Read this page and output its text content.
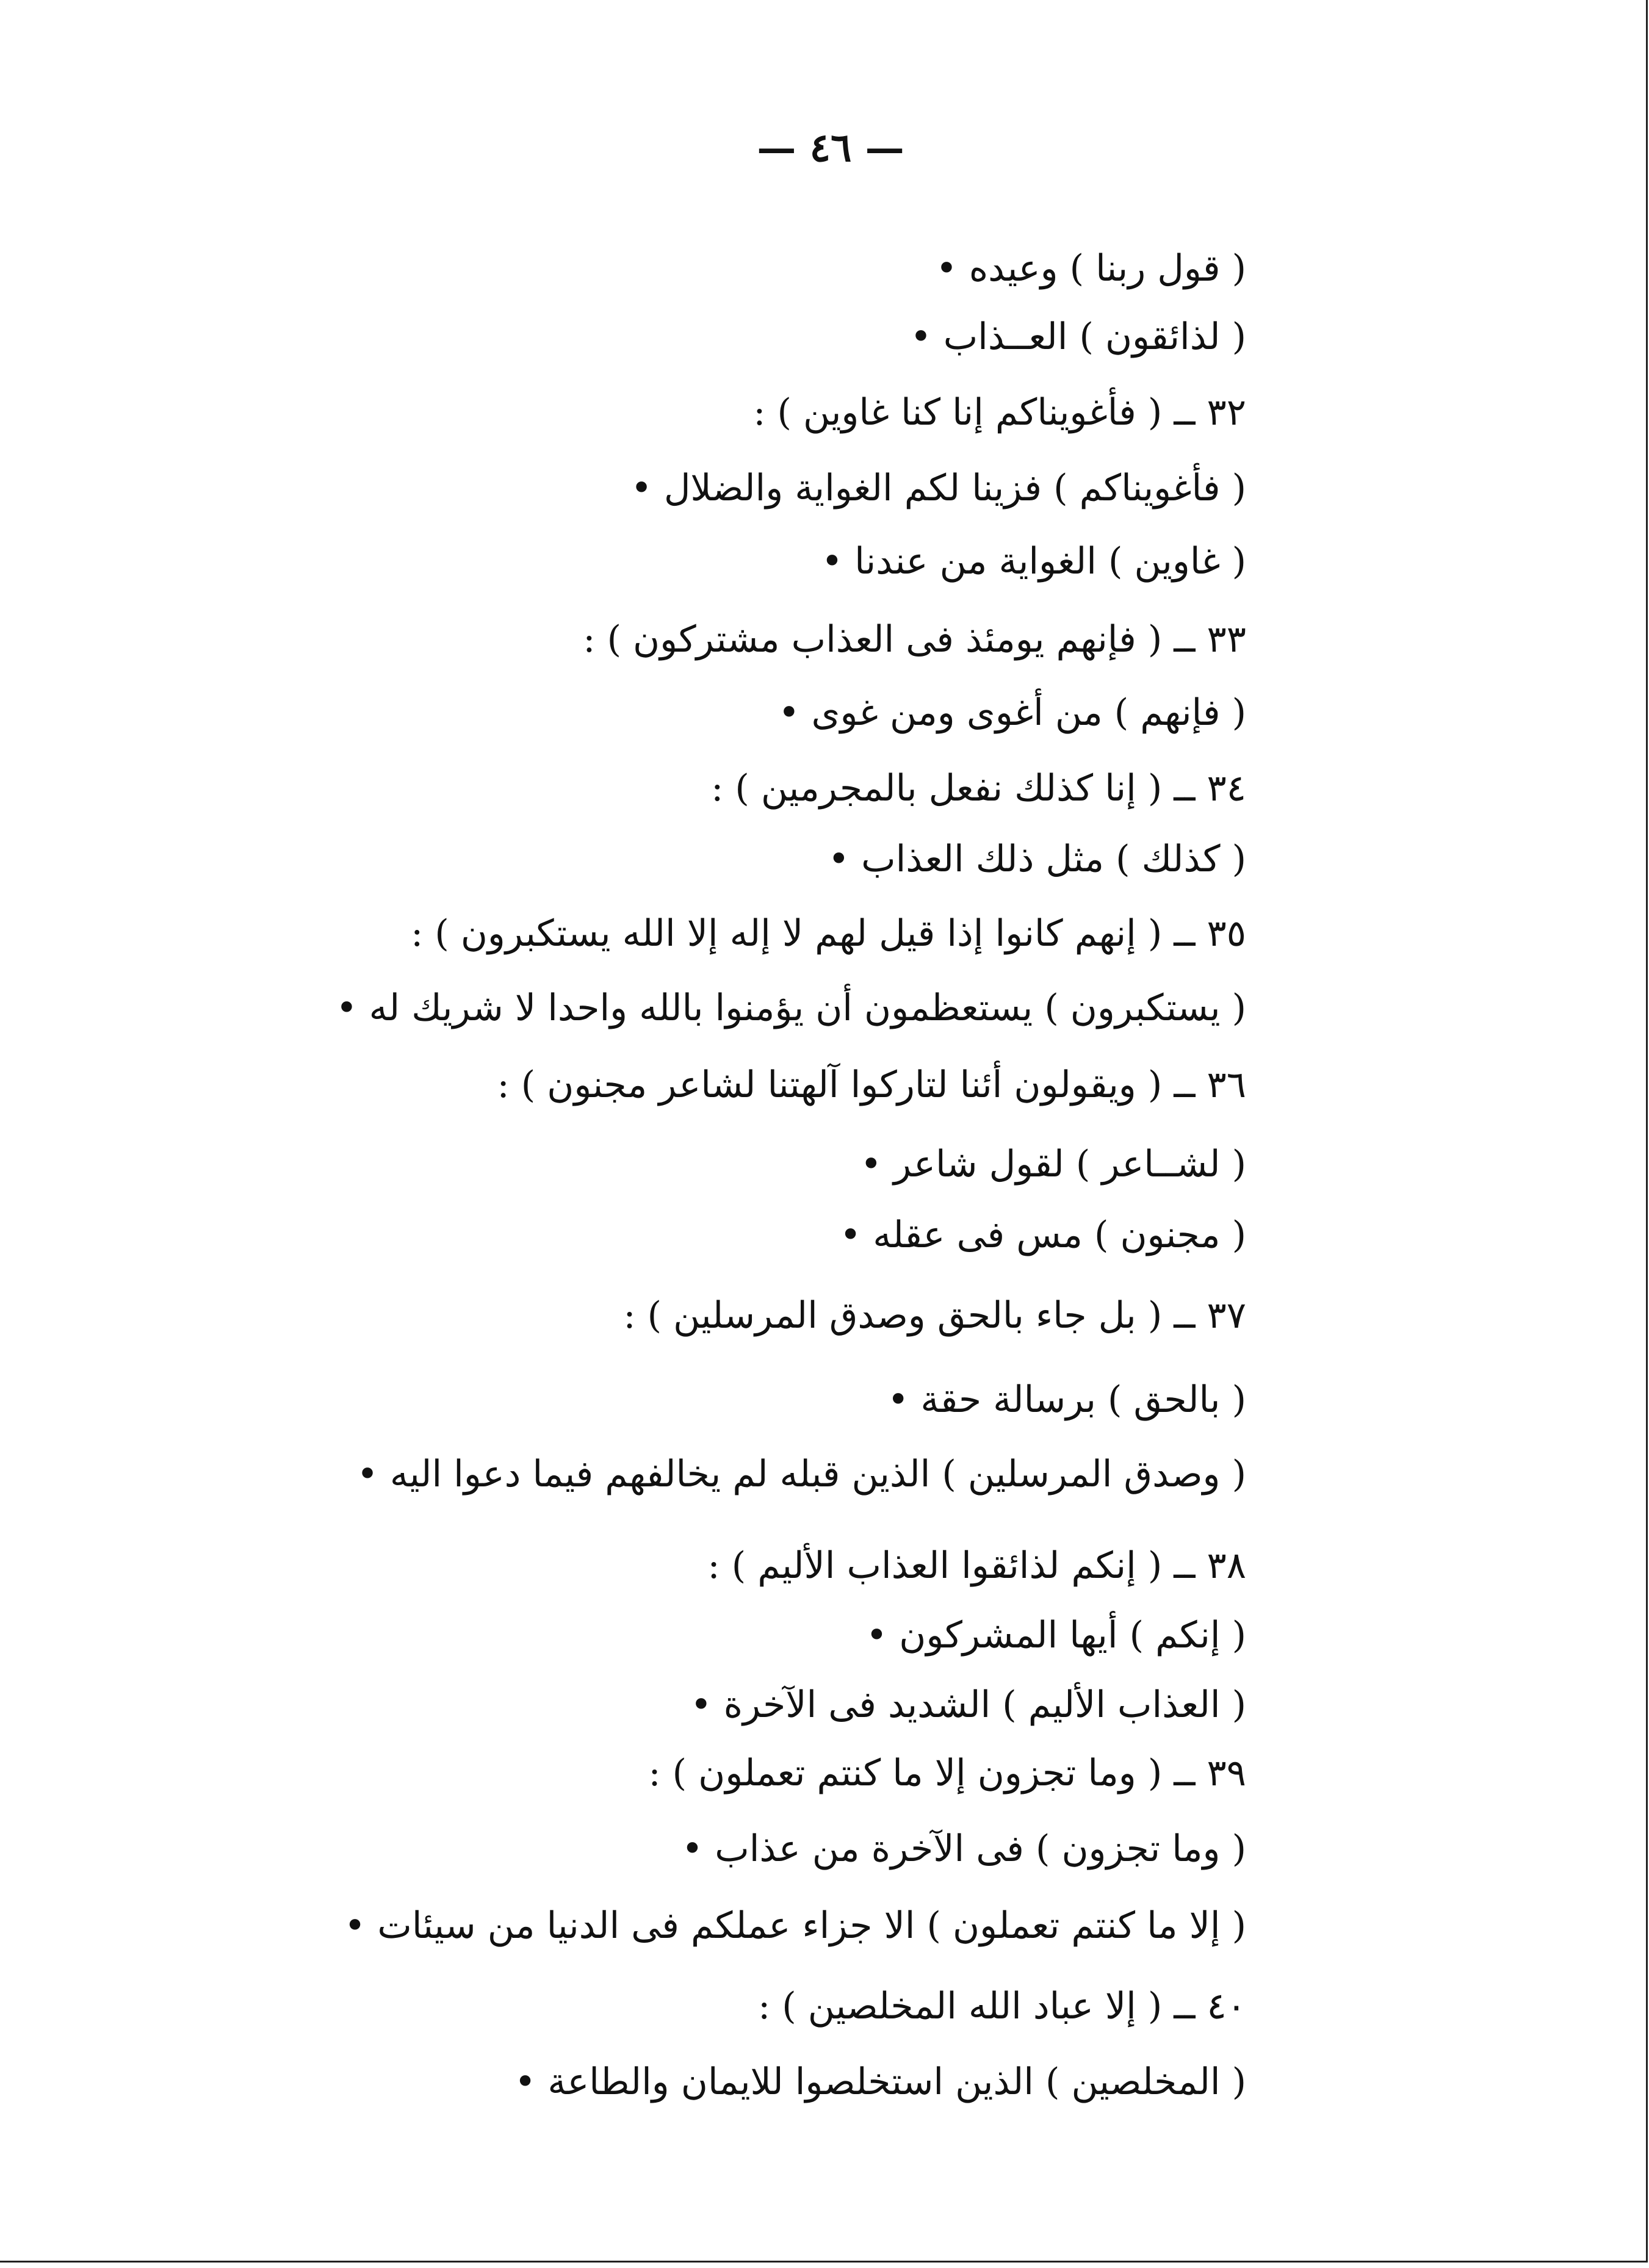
— ٤٦ —
( قول ربنا ) وعيده •
( لذائقون ) العــذاب •
٣٢ ــ ( فأغويناكم إنا كنا غاوين ) :
( فأغويناكم ) فزينا لكم الغواية والضلال •
( غاوين ) الغواية من عندنا •
٣٣ ــ ( فإنهم يومئذ فى العذاب مشتركون ) :
( فإنهم ) من أغوى ومن غوى •
٣٤ ــ ( إنا كذلك نفعل بالمجرمين ) :
( كذلك ) مثل ذلك العذاب •
٣٥ ــ ( إنهم كانوا إذا قيل لهم لا إله إلا الله يستكبرون ) :
( يستكبرون ) يستعظمون أن يؤمنوا بالله واحدا لا شريك له •
٣٦ ــ ( ويقولون أئنا لتاركوا آلهتنا لشاعر مجنون ) :
( لشــاعر ) لقول شاعر •
( مجنون ) مس فى عقله •
٣٧ ــ ( بل جاء بالحق وصدق المرسلين ) :
( بالحق ) برسالة حقة •
( وصدق المرسلين ) الذين قبله لم يخالفهم فيما دعوا اليه •
٣٨ ــ ( إنكم لذائقوا العذاب الأليم ) :
( إنكم ) أيها المشركون •
( العذاب الأليم ) الشديد فى الآخرة •
٣٩ ــ ( وما تجزون إلا ما كنتم تعملون ) :
( وما تجزون ) فى الآخرة من عذاب •
( إلا ما كنتم تعملون ) الا جزاء عملكم فى الدنيا من سيئات •
٤٠ ــ ( إلا عباد الله المخلصين ) :
( المخلصين ) الذين استخلصوا للايمان والطاعة •
